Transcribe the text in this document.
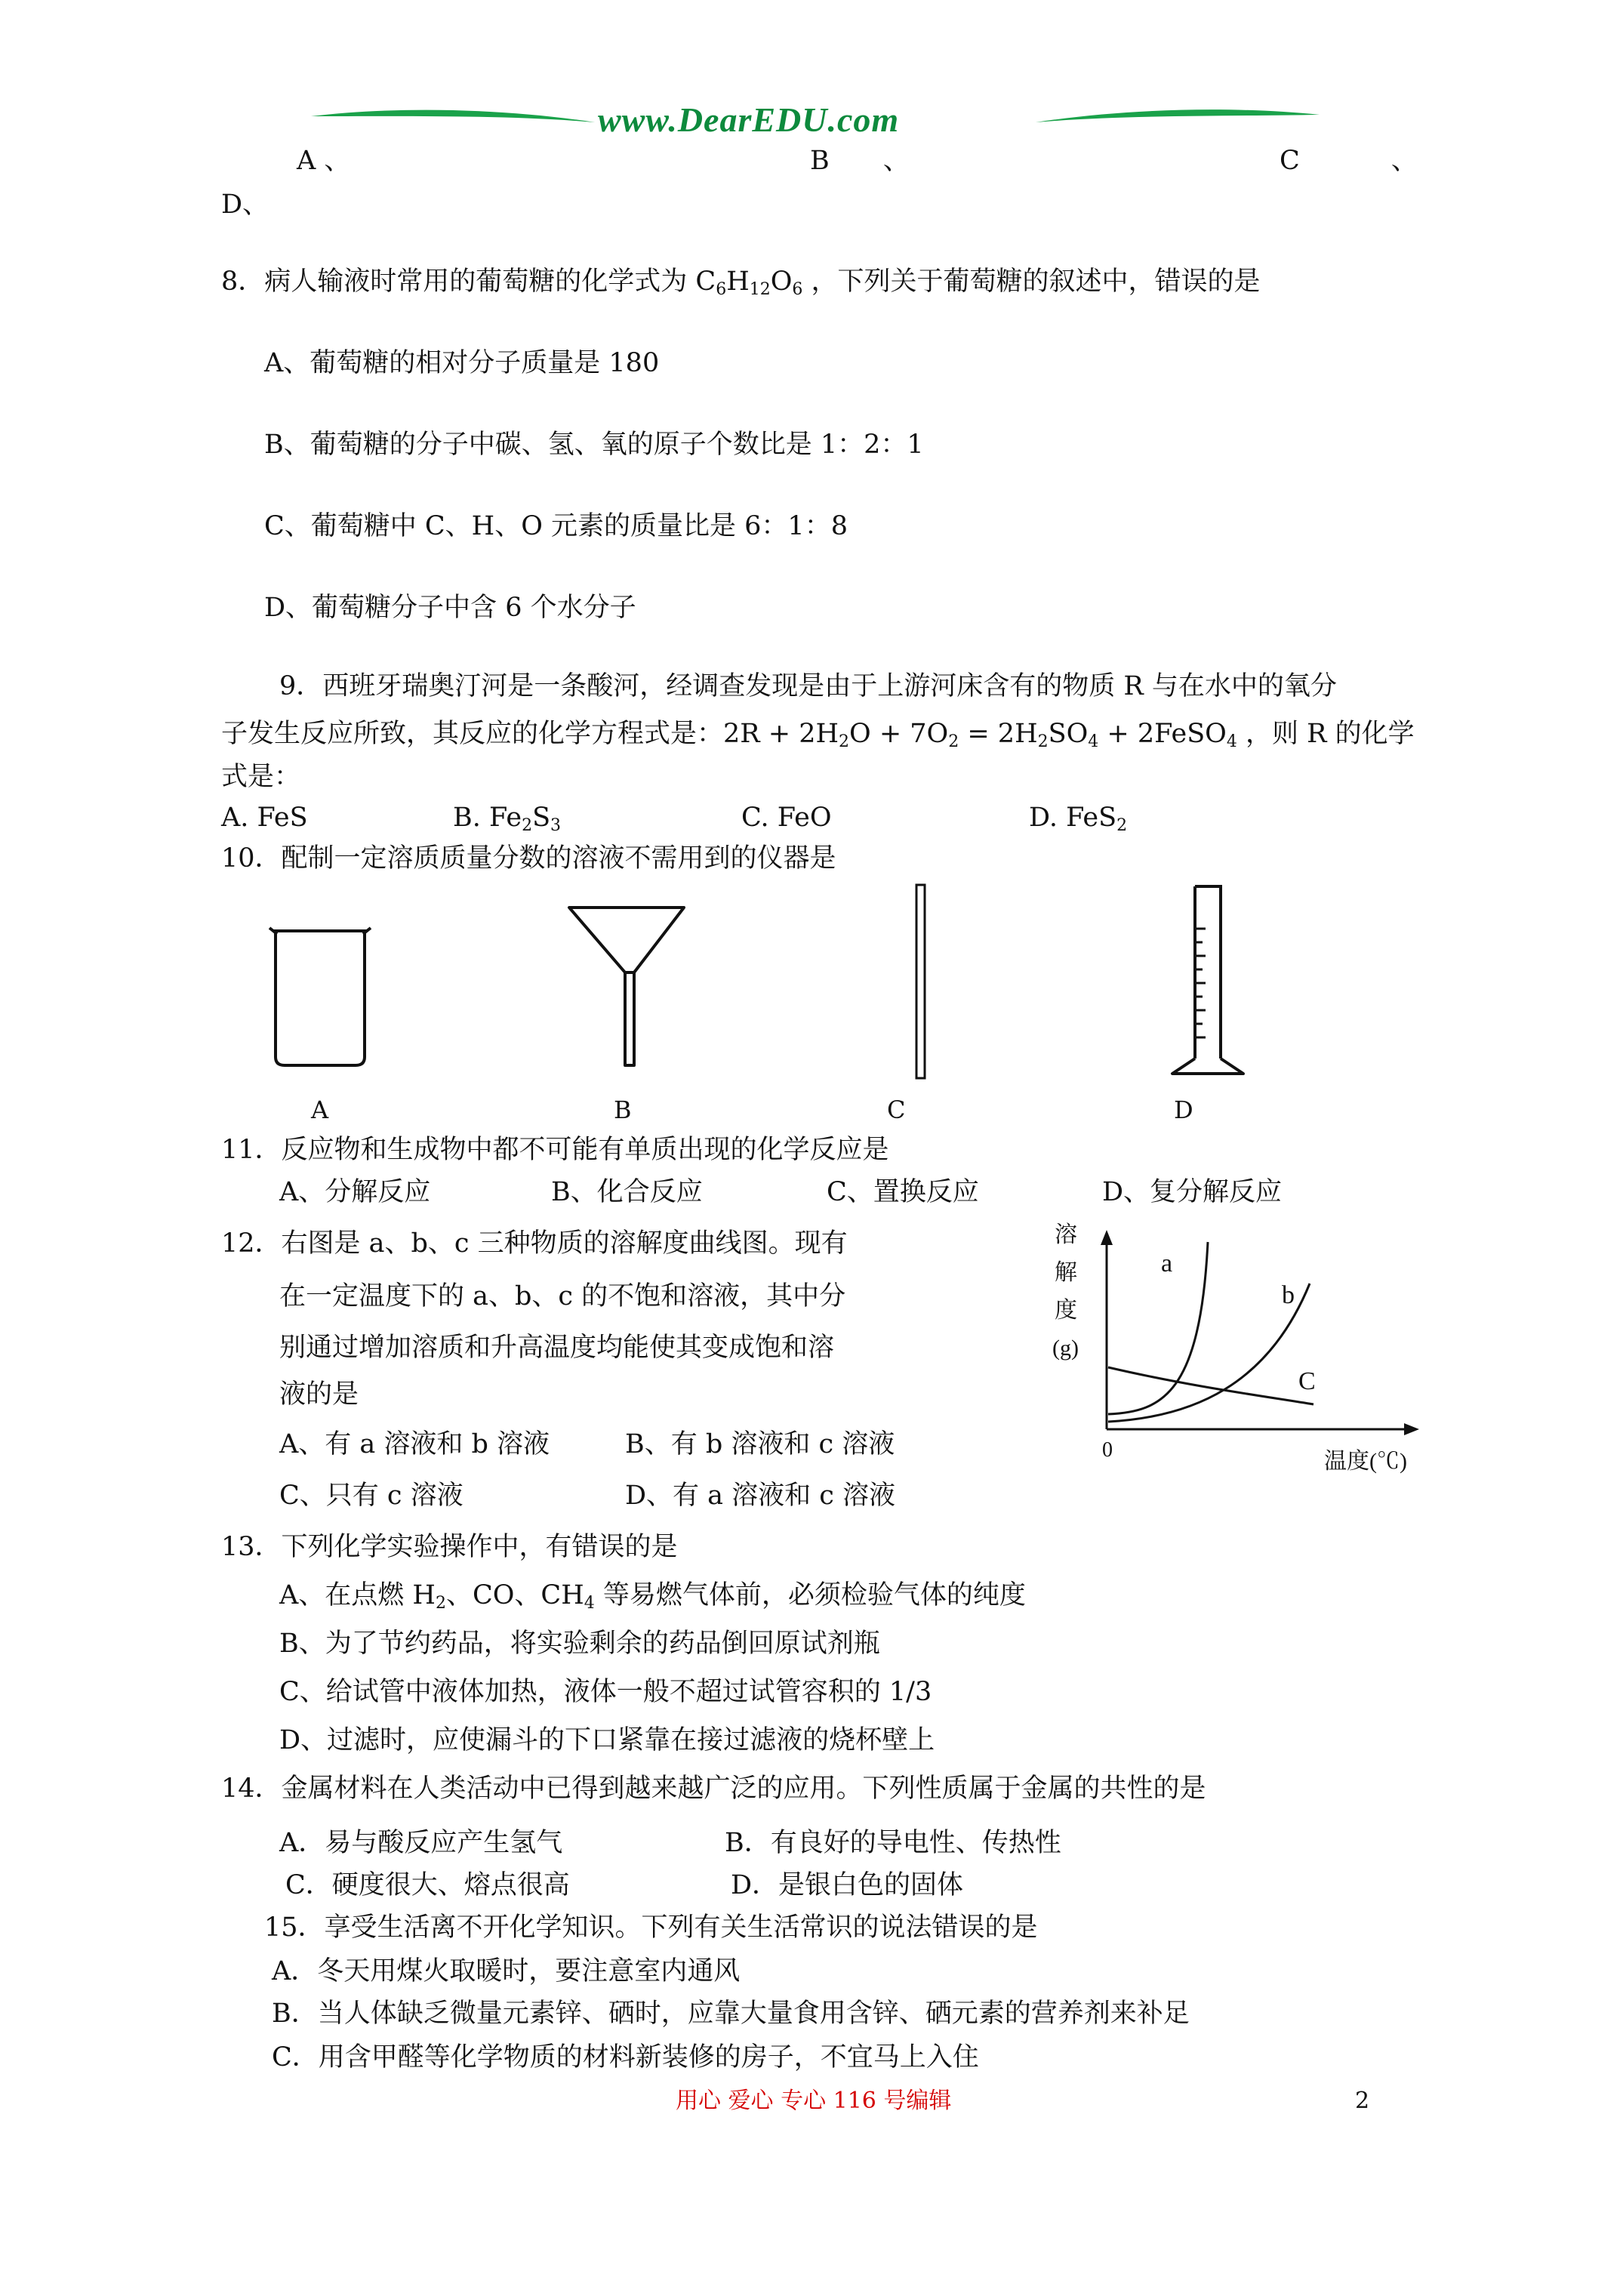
www.DearEDU.com
A 、	B 、	C 、
D、
8．病人输液时常用的葡萄糖的化学式为 $C_6H_{12}O_6$ ，下列关于葡萄糖的叙述中，错误的是
A、葡萄糖的相对分子质量是 180
B、葡萄糖的分子中碳、氢、氧的原子个数比是 1：2：1
C、葡萄糖中 C、H、O 元素的质量比是 6：1：8
D、葡萄糖分子中含 6 个水分子
9．西班牙瑞奥汀河是一条酸河，经调查发现是由于上游河床含有的物质 R 与在水中的氧分
子发生反应所致，其反应的化学方程式是：$2R + 2H_2O + 7O_2 = 2H_2SO_4$ + 2FeSO$_4$ ，则 R 的化学
式是：
A. FeS	B. $Fe_2S_3$	C. FeO	D. FeS$_2$
10．配制一定溶质质量分数的溶液不需用到的仪器是
A	B	C	D
11．反应物和生成物中都不可能有单质出现的化学反应是
A、分解反应	B、化合反应	C、置换反应	D、复分解反应
12．右图是 a、b、c 三种物质的溶解度曲线图。现有
在一定温度下的 a、b、c 的不饱和溶液，其中分
别通过增加溶质和升高温度均能使其变成饱和溶
液的是
A、有 a 溶液和 b 溶液	B、有 b 溶液和 c 溶液
C、只有 c 溶液	D、有 a 溶液和 c 溶液
溶
解
度
(g)
a
b
C
0	温度(℃)
13．下列化学实验操作中，有错误的是
A、在点燃 $H_2$、CO、$CH_4$ 等易燃气体前，必须检验气体的纯度
B、为了节约药品，将实验剩余的药品倒回原试剂瓶
C、给试管中液体加热，液体一般不超过试管容积的 1/3
D、过滤时，应使漏斗的下口紧靠在接过滤液的烧杯壁上
14．金属材料在人类活动中已得到越来越广泛的应用。下列性质属于金属的共性的是
A．易与酸反应产生氢气	B．有良好的导电性、传热性
C．硬度很大、熔点很高	D．是银白色的固体
15．享受生活离不开化学知识。下列有关生活常识的说法错误的是
A．冬天用煤火取暖时，要注意室内通风
B．当人体缺乏微量元素锌、硒时，应靠大量食用含锌、硒元素的营养剂来补足
C．用含甲醛等化学物质的材料新装修的房子，不宜马上入住
用心 爱心 专心 116 号编辑	2
